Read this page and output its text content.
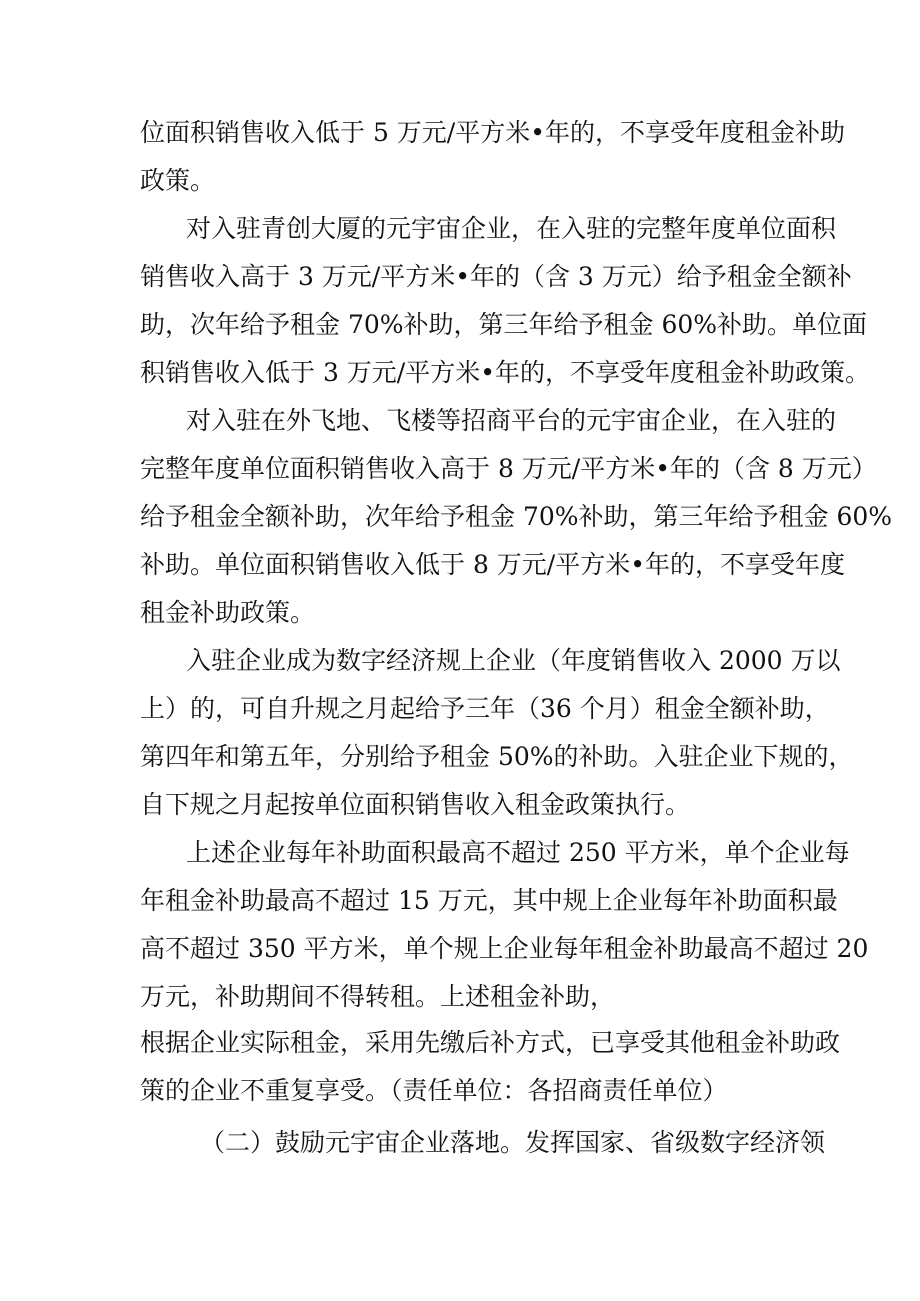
位面积销售收入低于 5 万元/平方米•年的，不享受年度租金补助
政策。
对入驻青创大厦的元宇宙企业，在入驻的完整年度单位面积
销售收入高于 3 万元/平方米•年的（含 3 万元）给予租金全额补
助，次年给予租金 70%补助，第三年给予租金 60%补助。单位面
积销售收入低于 3 万元/平方米•年的，不享受年度租金补助政策。
对入驻在外飞地、飞楼等招商平台的元宇宙企业，在入驻的
完整年度单位面积销售收入高于 8 万元/平方米•年的（含 8 万元）
给予租金全额补助，次年给予租金 70%补助，第三年给予租金 60%
补助。单位面积销售收入低于 8 万元/平方米•年的，不享受年度
租金补助政策。
入驻企业成为数字经济规上企业（年度销售收入 2000 万以
上）的，可自升规之月起给予三年（36 个月）租金全额补助，
第四年和第五年，分别给予租金 50%的补助。入驻企业下规的，
自下规之月起按单位面积销售收入租金政策执行。
上述企业每年补助面积最高不超过 250 平方米，单个企业每
年租金补助最高不超过 15 万元，其中规上企业每年补助面积最
高不超过 350 平方米，单个规上企业每年租金补助最高不超过 20
万元，补助期间不得转租。上述租金补助，
根据企业实际租金，采用先缴后补方式，已享受其他租金补助政
策的企业不重复享受。（责任单位：各招商责任单位）
（二）鼓励元宇宙企业落地。发挥国家、省级数字经济领
